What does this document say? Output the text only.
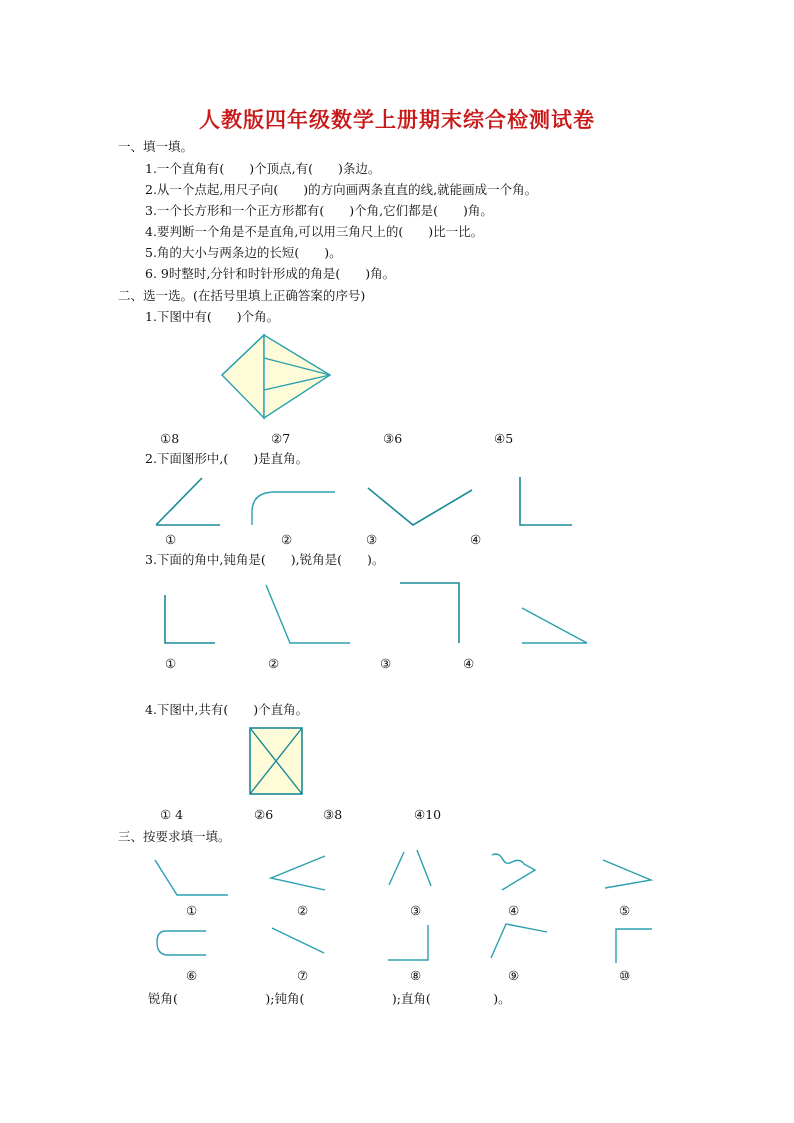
人教版四年级数学上册期末综合检测试卷
一、填一填。
1.一个直角有(　　)个顶点,有(　　)条边。
2.从一个点起,用尺子向(　　)的方向画两条直直的线,就能画成一个角。
3.一个长方形和一个正方形都有(　　)个角,它们都是(　　)角。
4.要判断一个角是不是直角,可以用三角尺上的(　　)比一比。
5.角的大小与两条边的长短(　　)。
6. 9时整时,分针和时针形成的角是(　　)角。
二、选一选。(在括号里填上正确答案的序号)
1.下图中有(　　)个角。
①8	②7	③6	④5
2.下面图形中,(　　)是直角。
①	②	③	④
3.下面的角中,钝角是(　　),锐角是(　　)。
①	②	③	④
4.下图中,共有(　　)个直角。
① 4	②6	③8	④10
三、按要求填一填。
①	②	③	④	⑤
⑥	⑦	⑧	⑨	⑩
锐角(　　　　　　　);钝角(　　　　　　　);直角(　　　　　)。
